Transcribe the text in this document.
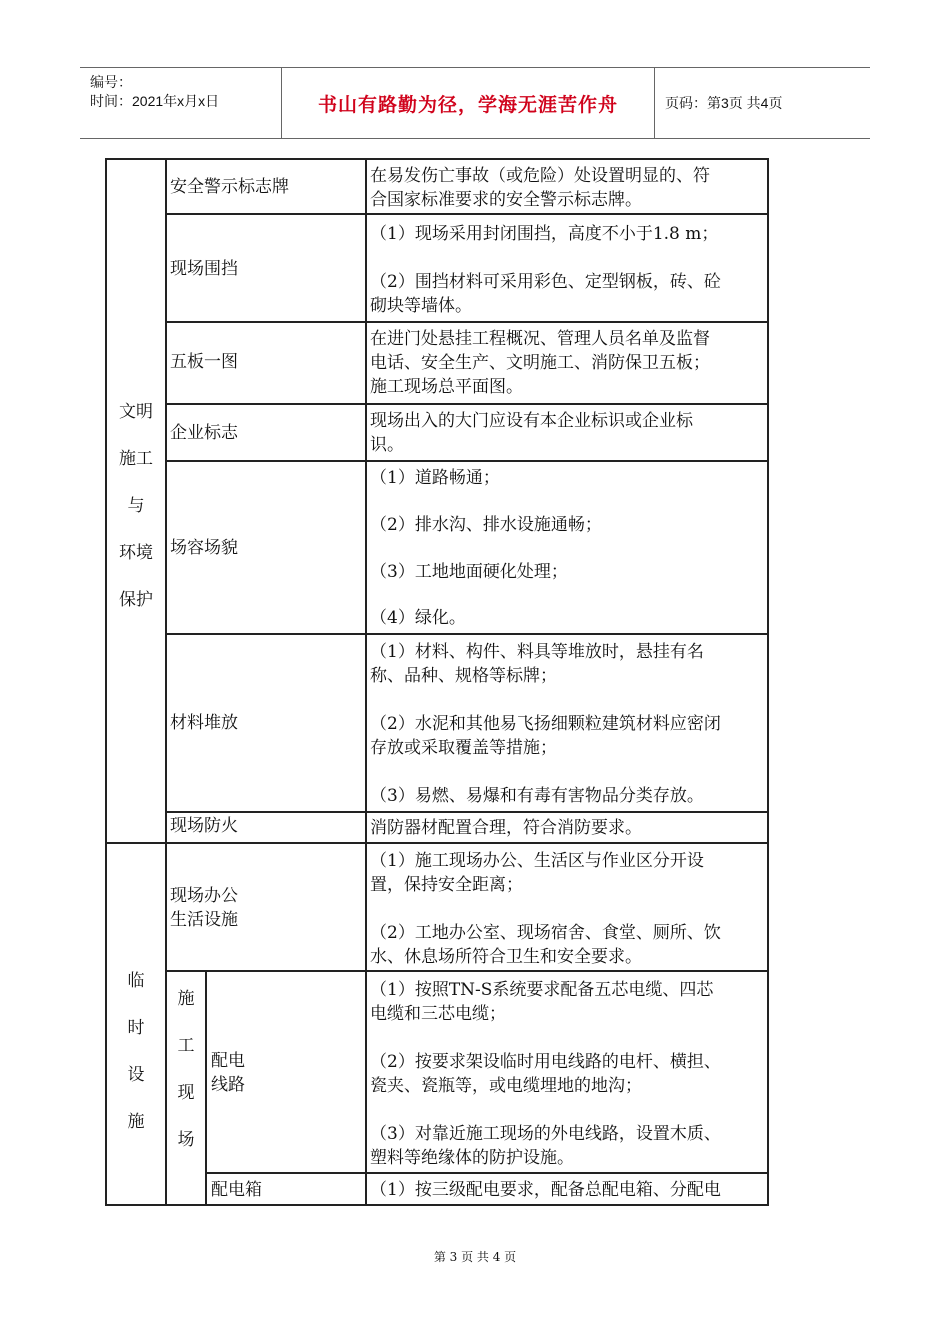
编号：
时间：2021年x月x日	书山有路勤为径，学海无涯苦作舟	页码：第3页 共4页
文明
施工
与
环境
保护
临
时
设
施
施
工
现
场
安全警示标志牌
现场围挡
五板一图
企业标志
场容场貌
材料堆放
现场防火
现场办公
生活设施
配电
线路
配电箱
在易发伤亡事故（或危险）处设置明显的、符
合国家标准要求的安全警示标志牌。
（1）现场采用封闭围挡，高度不小于1.8 m；
（2）围挡材料可采用彩色、定型钢板，砖、砼
砌块等墙体。
在进门处悬挂工程概况、管理人员名单及监督
电话、安全生产、文明施工、消防保卫五板；
施工现场总平面图。
现场出入的大门应设有本企业标识或企业标
识。
（1）道路畅通；
（2）排水沟、排水设施通畅；
（3）工地地面硬化处理；
（4）绿化。
（1）材料、构件、料具等堆放时，悬挂有名
称、品种、规格等标牌；
（2）水泥和其他易飞扬细颗粒建筑材料应密闭
存放或采取覆盖等措施；
（3）易燃、易爆和有毒有害物品分类存放。
消防器材配置合理，符合消防要求。
（1）施工现场办公、生活区与作业区分开设
置，保持安全距离；
（2）工地办公室、现场宿舍、食堂、厕所、饮
水、休息场所符合卫生和安全要求。
（1）按照TN-S系统要求配备五芯电缆、四芯
电缆和三芯电缆；
（2）按要求架设临时用电线路的电杆、横担、
瓷夹、瓷瓶等，或电缆埋地的地沟；
（3）对靠近施工现场的外电线路，设置木质、
塑料等绝缘体的防护设施。
（1）按三级配电要求，配备总配电箱、分配电
第 3 页 共 4 页
